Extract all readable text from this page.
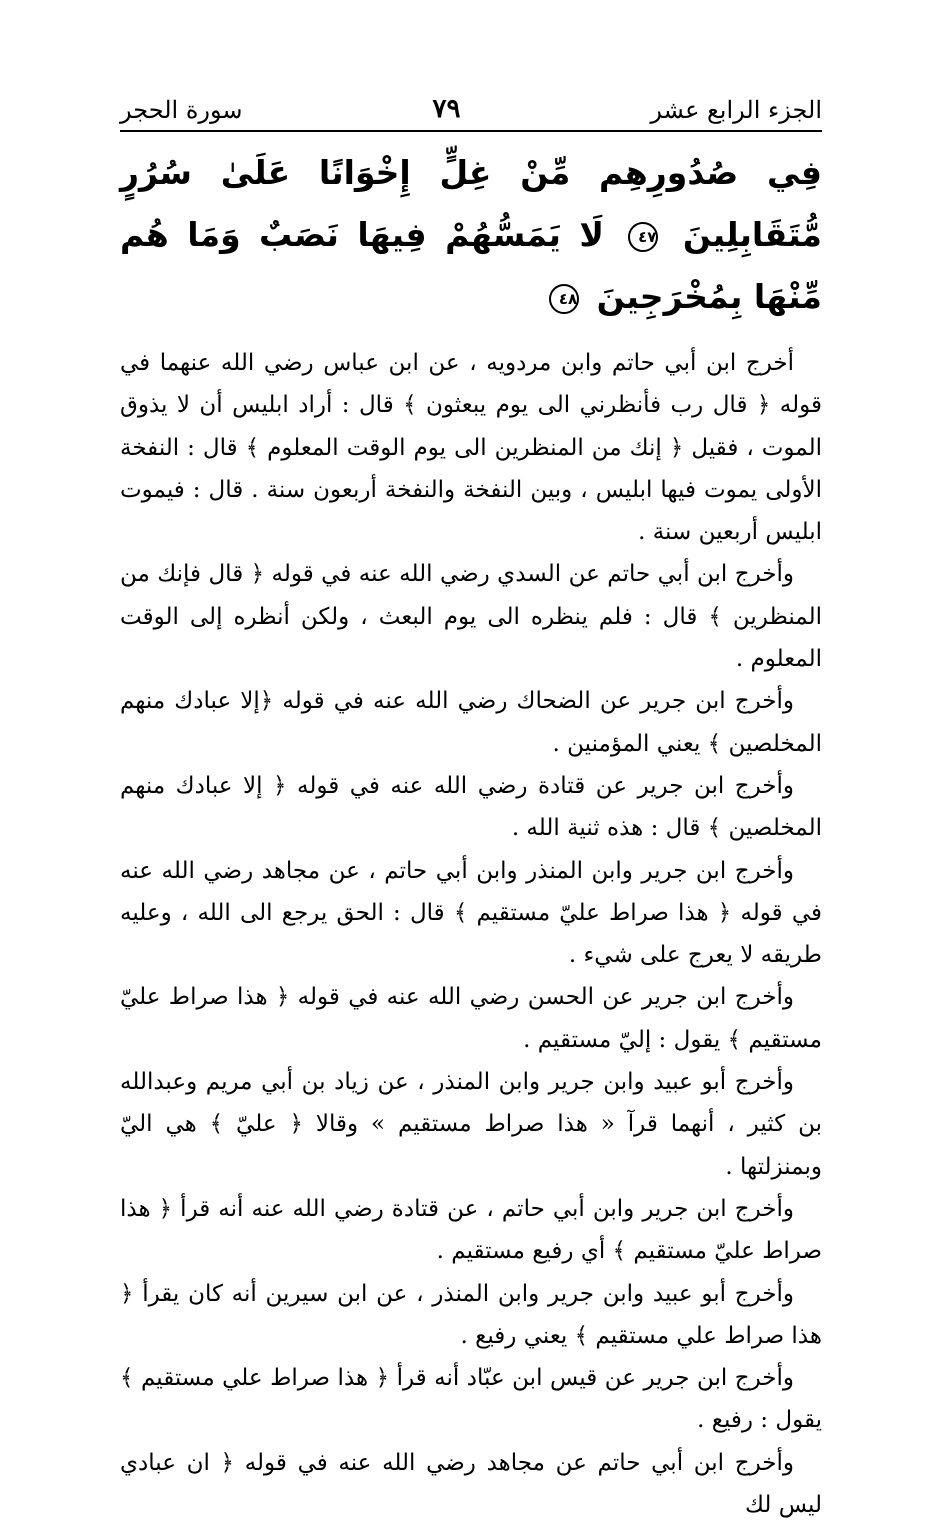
الجزء الرابع عشر
٧٩
سورة الحجر
فِي صُدُورِهِم مِّنْ غِلٍّ إِخْوَانًا عَلَىٰ سُرُرٍ مُّتَقَابِلِينَ ٤٧ لَا يَمَسُّهُمْ فِيهَا نَصَبٌ وَمَا هُم مِّنْهَا بِمُخْرَجِينَ ٤٨

أخرج ابن أبي حاتم وابن مردويه ، عن ابن عباس رضي الله عنهما في قوله ﴿ قال رب فأنظرني الى يوم يبعثون ﴾ قال : أراد ابليس أن لا يذوق الموت ، فقيل ﴿ إنك من المنظرين الى يوم الوقت المعلوم ﴾ قال : النفخة الأولى يموت فيها ابليس ، وبين النفخة والنفخة أربعون سنة . قال : فيموت ابليس أربعين سنة .

وأخرج ابن أبي حاتم عن السدي رضي الله عنه في قوله ﴿ قال فإنك من المنظرين ﴾ قال : فلم ينظره الى يوم البعث ، ولكن أنظره إلى الوقت المعلوم .

وأخرج ابن جرير عن الضحاك رضي الله عنه في قوله ﴿إلا عبادك منهم المخلصين ﴾ يعني المؤمنين .

وأخرج ابن جرير عن قتادة رضي الله عنه في قوله ﴿ إلا عبادك منهم المخلصين ﴾ قال : هذه ثنية الله .

وأخرج ابن جرير وابن المنذر وابن أبي حاتم ، عن مجاهد رضي الله عنه في قوله ﴿ هذا صراط عليّ مستقيم ﴾ قال : الحق يرجع الى الله ، وعليه طريقه لا يعرج على شيء .

وأخرج ابن جرير عن الحسن رضي الله عنه في قوله ﴿ هذا صراط عليّ مستقيم ﴾ يقول : إليّ مستقيم .

وأخرج أبو عبيد وابن جرير وابن المنذر ، عن زياد بن أبي مريم وعبدالله بن كثير ، أنهما قرآ « هذا صراط مستقيم » وقالا ﴿ عليّ ﴾ هي اليّ وبمنزلتها .

وأخرج ابن جرير وابن أبي حاتم ، عن قتادة رضي الله عنه أنه قرأ ﴿ هذا صراط عليّ مستقيم ﴾ أي رفيع مستقيم .

وأخرج أبو عبيد وابن جرير وابن المنذر ، عن ابن سيرين أنه كان يقرأ ﴿ هذا صراط علي مستقيم ﴾ يعني رفيع .

وأخرج ابن جرير عن قيس ابن عبّاد أنه قرأ ﴿ هذا صراط علي مستقيم ﴾ يقول : رفيع .

وأخرج ابن أبي حاتم عن مجاهد رضي الله عنه في قوله ﴿ ان عبادي ليس لك
